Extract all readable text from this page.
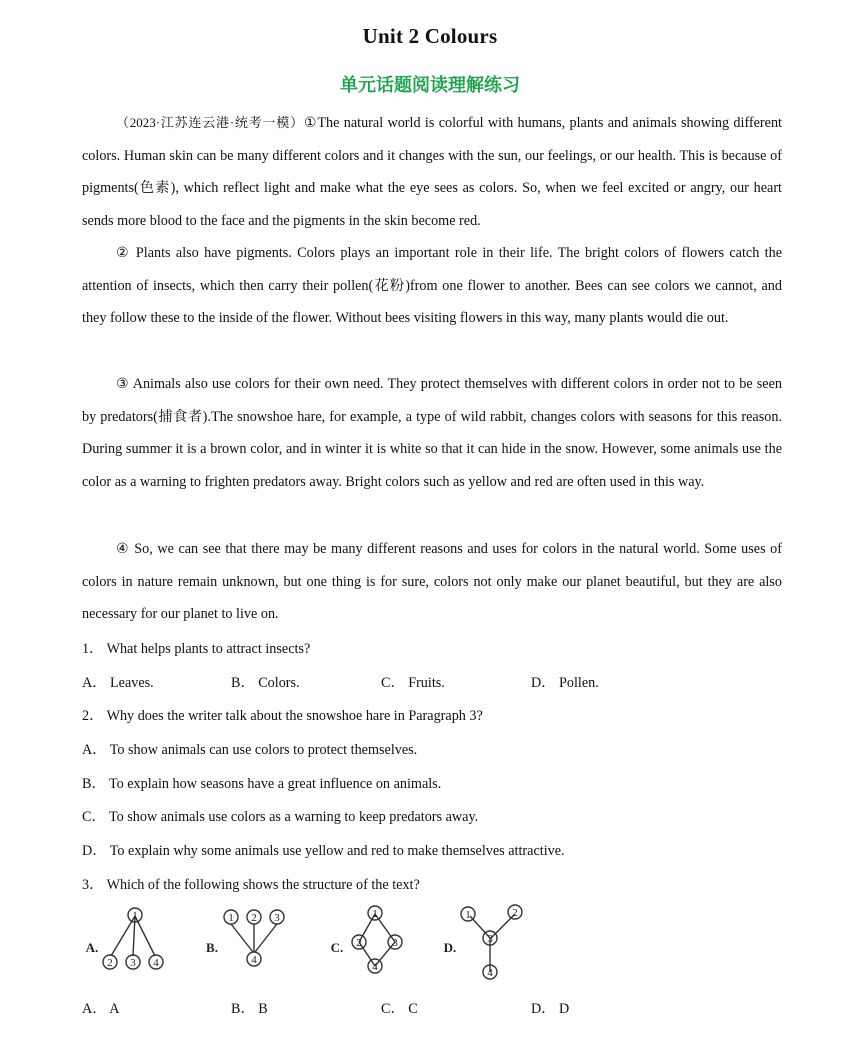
Unit 2 Colours
单元话题阅读理解练习
（2023·江苏连云港·统考一模）①The natural world is colorful with humans, plants and animals showing different colors. Human skin can be many different colors and it changes with the sun, our feelings, or our health. This is because of pigments(色素), which reflect light and make what the eye sees as colors. So, when we feel excited or angry, our heart sends more blood to the face and the pigments in the skin become red.
② Plants also have pigments. Colors plays an important role in their life. The bright colors of flowers catch the attention of insects, which then carry their pollen(花粉)from one flower to another. Bees can see colors we cannot, and they follow these to the inside of the flower. Without bees visiting flowers in this way, many plants would die out.
③ Animals also use colors for their own need. They protect themselves with different colors in order not to be seen by predators(捕食者).The snowshoe hare, for example, a type of wild rabbit, changes colors with seasons for this reason. During summer it is a brown color, and in winter it is white so that it can hide in the snow. However, some animals use the color as a warning to frighten predators away. Bright colors such as yellow and red are often used in this way.
④ So, we can see that there may be many different reasons and uses for colors in the natural world. Some uses of colors in nature remain unknown, but one thing is for sure, colors not only make our planet beautiful, but they are also necessary for our planet to live on.
1． What helps plants to attract insects?
A． Leaves.	B． Colors.	C． Fruits.	D． Pollen.
2． Why does the writer talk about the snowshoe hare in Paragraph 3?
A． To show animals can use colors to protect themselves.
B． To explain how seasons have a great influence on animals.
C． To show animals use colors as a warning to keep predators away.
D． To explain why some animals use yellow and red to make themselves attractive.
3． Which of the following shows the structure of the text?
A.
1
2 3 4
B.
1 2 3
4
C.
1
2	3
4
D.
1	2
3
4
A． A	B． B	C． C	D． D
